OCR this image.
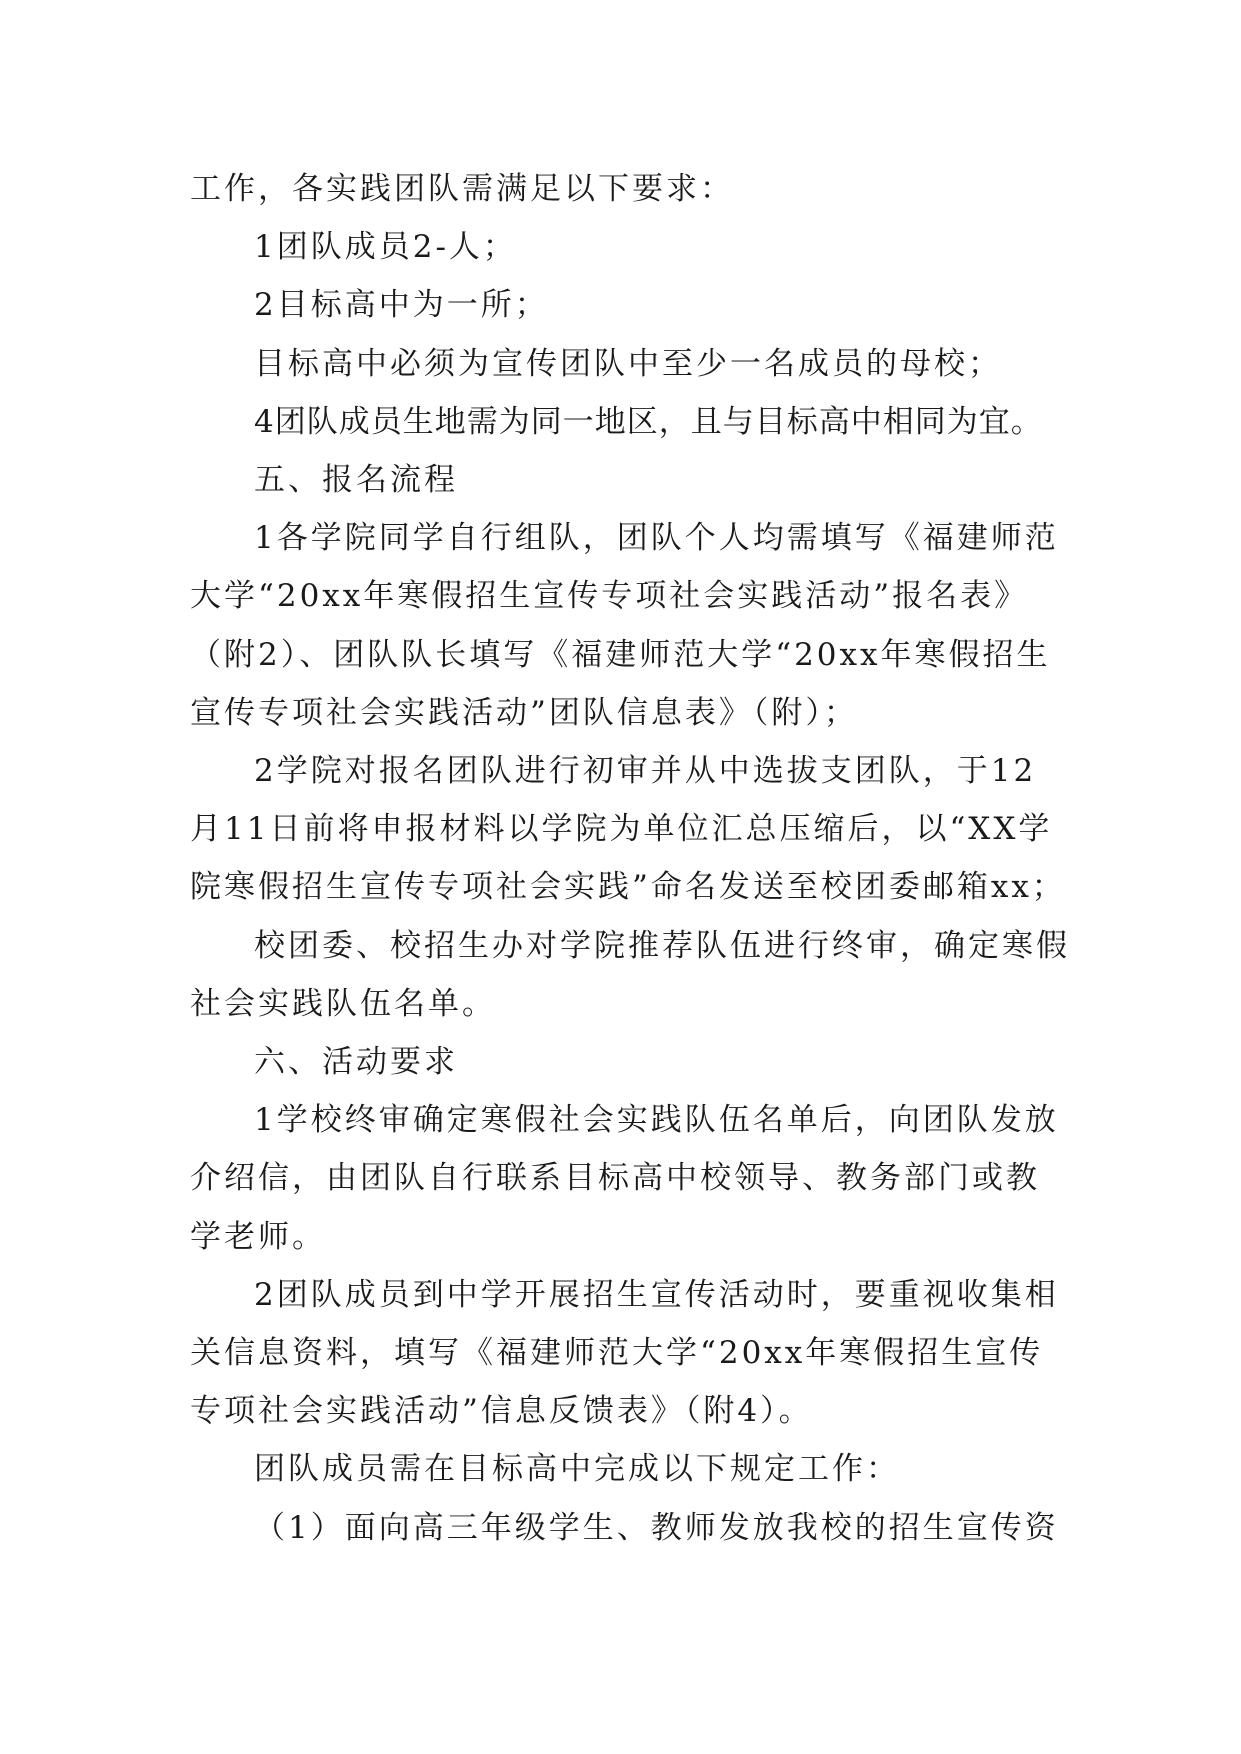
工作，各实践团队需满足以下要求：

1团队成员2-人；

2目标高中为一所；

目标高中必须为宣传团队中至少一名成员的母校；

4团队成员生地需为同一地区，且与目标高中相同为宜。

五、报名流程

1各学院同学自行组队，团队个人均需填写《福建师范大学“20xx年寒假招生宣传专项社会实践活动”报名表》（附2）、团队队长填写《福建师范大学“20xx年寒假招生宣传专项社会实践活动”团队信息表》（附）；

2学院对报名团队进行初审并从中选拔支团队，于12月11日前将申报材料以学院为单位汇总压缩后，以“XX学院寒假招生宣传专项社会实践”命名发送至校团委邮箱xx；

校团委、校招生办对学院推荐队伍进行终审，确定寒假社会实践队伍名单。

六、活动要求

1学校终审确定寒假社会实践队伍名单后，向团队发放介绍信，由团队自行联系目标高中校领导、教务部门或教学老师。

2团队成员到中学开展招生宣传活动时，要重视收集相关信息资料，填写《福建师范大学“20xx年寒假招生宣传专项社会实践活动”信息反馈表》（附4）。

团队成员需在目标高中完成以下规定工作：

（1）面向高三年级学生、教师发放我校的招生宣传资
